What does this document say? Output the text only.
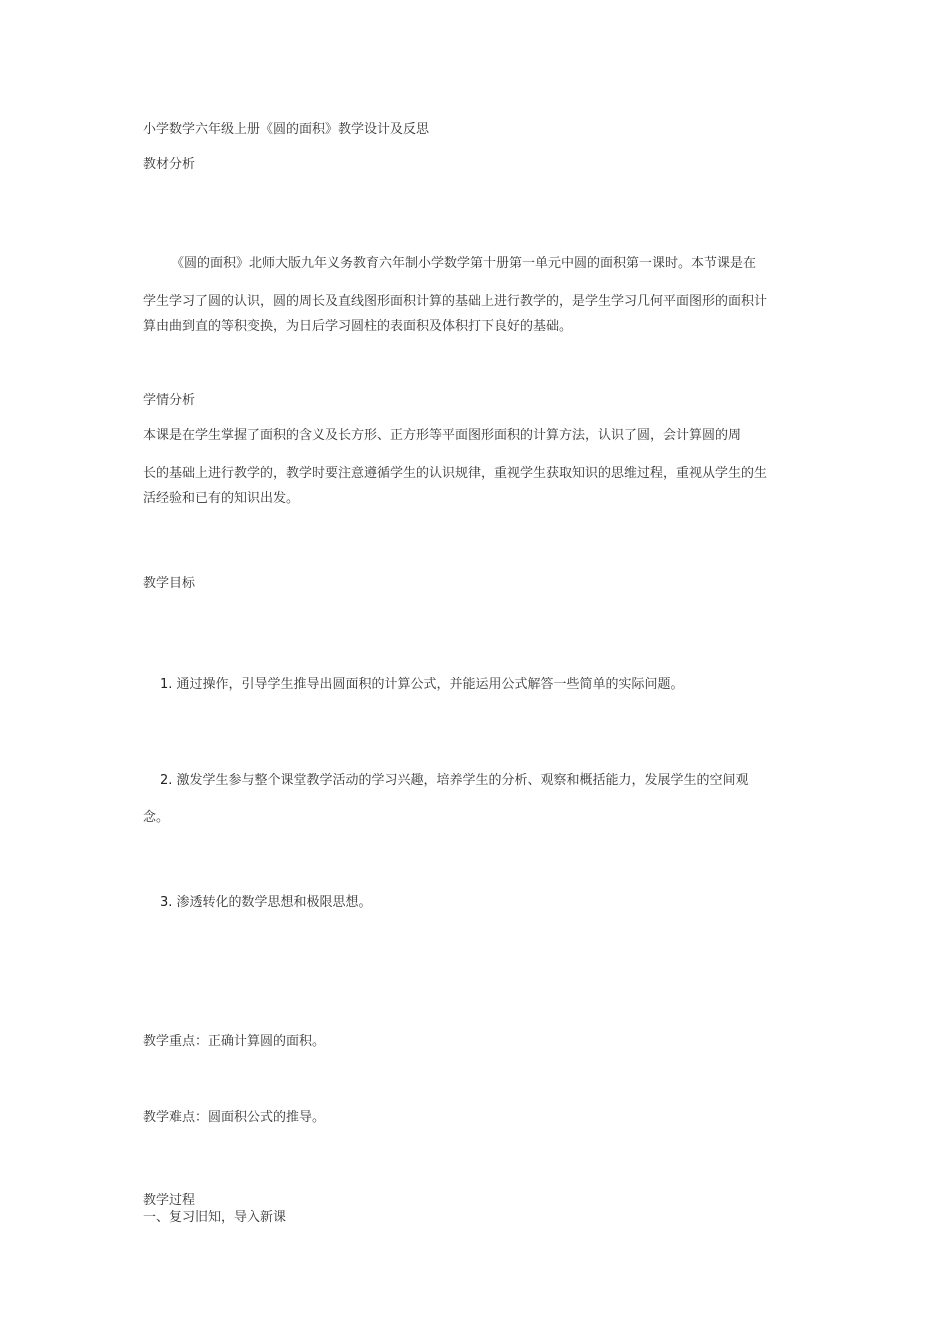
小学数学六年级上册《圆的面积》教学设计及反思
教材分析
《圆的面积》北师大版九年义务教育六年制小学数学第十册第一单元中圆的面积第一课时。本节课是在
学生学习了圆的认识，圆的周长及直线图形面积计算的基础上进行教学的，是学生学习几何平面图形的面积计
算由曲到直的等积变换，为日后学习圆柱的表面积及体积打下良好的基础。
学情分析
本课是在学生掌握了面积的含义及长方形、正方形等平面图形面积的计算方法，认识了圆，会计算圆的周
长的基础上进行教学的，教学时要注意遵循学生的认识规律，重视学生获取知识的思维过程，重视从学生的生
活经验和已有的知识出发。
教学目标
1. 通过操作，引导学生推导出圆面积的计算公式，并能运用公式解答一些简单的实际问题。
2. 激发学生参与整个课堂教学活动的学习兴趣，培养学生的分析、观察和概括能力，发展学生的空间观
念。
3. 渗透转化的数学思想和极限思想。
教学重点：正确计算圆的面积。
教学难点：圆面积公式的推导。
教学过程
一、复习旧知，导入新课
